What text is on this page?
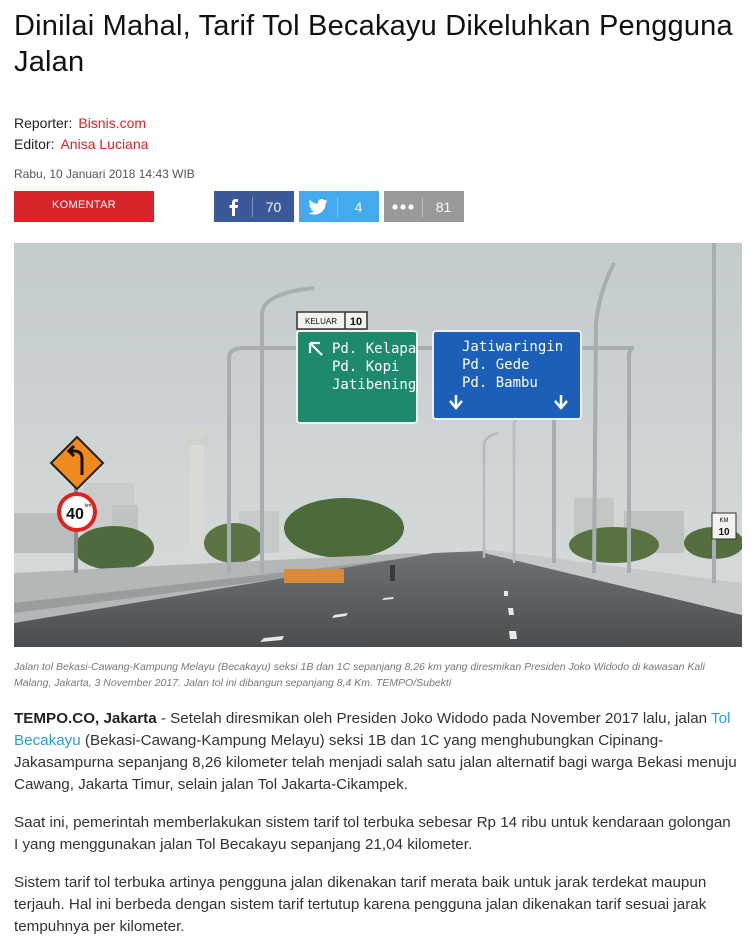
Dinilai Mahal, Tarif Tol Becakayu Dikeluhkan Pengguna Jalan
Reporter: Bisnis.com
Editor: Anisa Luciana
Rabu, 10 Januari 2018 14:43 WIB
KOMENTAR	70	4	81
KELUAR 10
Pd. Kelapa
Pd. Kopi
Jatibening
Jatiwaringin
Pd. Gede
Pd. Bambu
40 km
KM
10

Jalan tol Bekasi-Cawang-Kampung Melayu (Becakayu) seksi 1B dan 1C sepanjang 8,26 km yang diresmikan Presiden Joko Widodo di kawasan Kali Malang, Jakarta, 3 November 2017. Jalan tol ini dibangun sepanjang 8,4 Km. TEMPO/Subekti

TEMPO.CO, Jakarta - Setelah diresmikan oleh Presiden Joko Widodo pada November 2017 lalu, jalan Tol Becakayu (Bekasi-Cawang-Kampung Melayu) seksi 1B dan 1C yang menghubungkan Cipinang-Jakasampurna sepanjang 8,26 kilometer telah menjadi salah satu jalan alternatif bagi warga Bekasi menuju Cawang, Jakarta Timur, selain jalan Tol Jakarta-Cikampek.

Saat ini, pemerintah memberlakukan sistem tarif tol terbuka sebesar Rp 14 ribu untuk kendaraan golongan I yang menggunakan jalan Tol Becakayu sepanjang 21,04 kilometer.

Sistem tarif tol terbuka artinya pengguna jalan dikenakan tarif merata baik untuk jarak terdekat maupun terjauh. Hal ini berbeda dengan sistem tarif tertutup karena pengguna jalan dikenakan tarif sesuai jarak tempuhnya per kilometer.
